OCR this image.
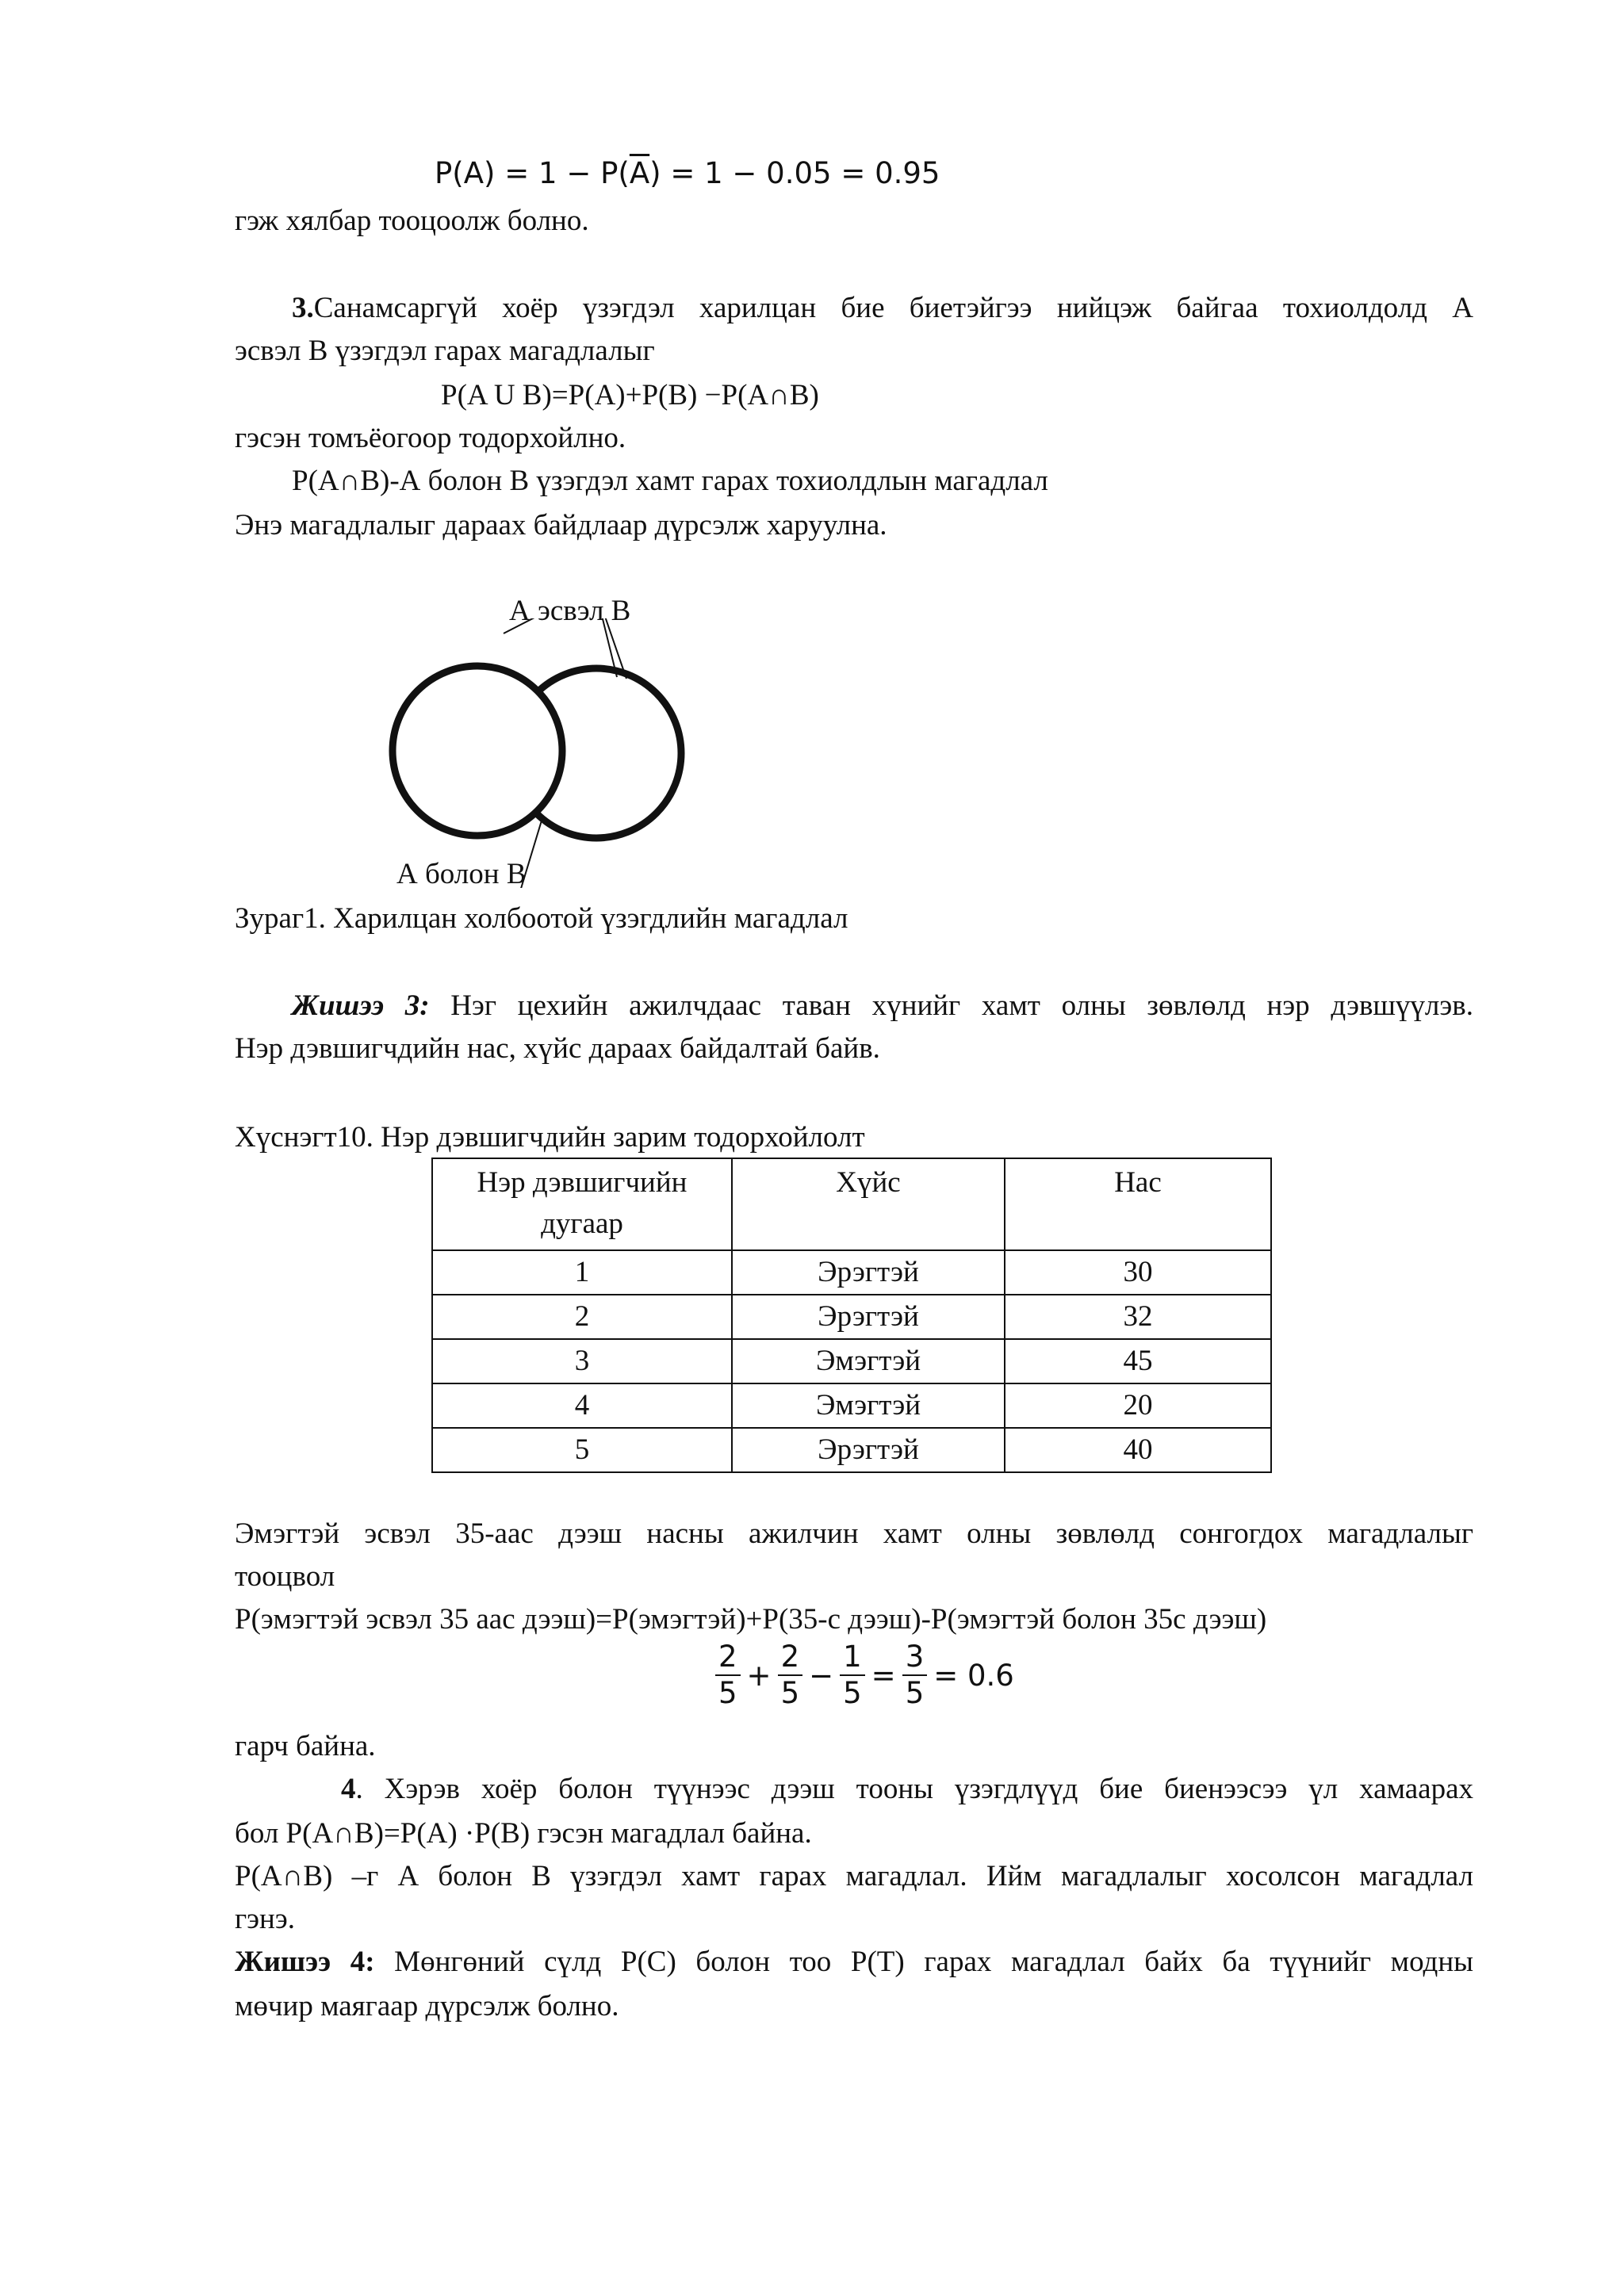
$P(A) = 1 - P(\overline{A}) = 1 - 0.05 = 0.95$
гэж хялбар тооцоолж болно.
3.Санамсаргүй хоёр үзэгдэл харилцан бие биетэйгээ нийцэж байгаа тохиолдолд А
эсвэл В үзэгдэл гарах магадлалыг
P(A U B)=P(A)+P(B) −P(A∩B)
гэсэн томъёогоор тодорхойлно.
P(A∩B)-А болон В үзэгдэл хамт гарах тохиолдлын магадлал
Энэ магадлалыг дараах байдлаар дүрсэлж харуулна.
А эсвэл В
А болон В
Зураг1. Харилцан холбоотой үзэгдлийн магадлал
Жишээ 3: Нэг цехийн ажилчдаас таван хүнийг хамт олны зөвлөлд нэр дэвшүүлэв.
Нэр дэвшигчдийн нас, хүйс дараах байдалтай байв.
Хүснэгт10. Нэр дэвшигчдийн зарим тодорхойлолт
Нэр дэвшигчийн дугаар	Хүйс	Нас
1	Эрэгтэй	30
2	Эрэгтэй	32
3	Эмэгтэй	45
4	Эмэгтэй	20
5	Эрэгтэй	40
Эмэгтэй эсвэл 35-аас дээш насны ажилчин хамт олны зөвлөлд сонгогдох магадлалыг
тооцвол
P(эмэгтэй эсвэл 35 аас дээш)=P(эмэгтэй)+P(35-с дээш)-P(эмэгтэй болон 35с дээш)
$\frac{2}{5} + \frac{2}{5} - \frac{1}{5} = \frac{3}{5} = 0.6$
гарч байна.
4. Хэрэв хоёр болон түүнээс дээш тооны үзэгдлүүд бие биенээсээ үл хамаарах
бол P(A∩B)=P(A) ·P(B) гэсэн магадлал байна.
P(A∩B) –г А болон В үзэгдэл хамт гарах магадлал. Ийм магадлалыг хосолсон магадлал
гэнэ.
Жишээ 4: Мөнгөний сүлд P(C) болон тоо P(T) гарах магадлал байх ба түүнийг модны
мөчир маягаар дүрсэлж болно.
